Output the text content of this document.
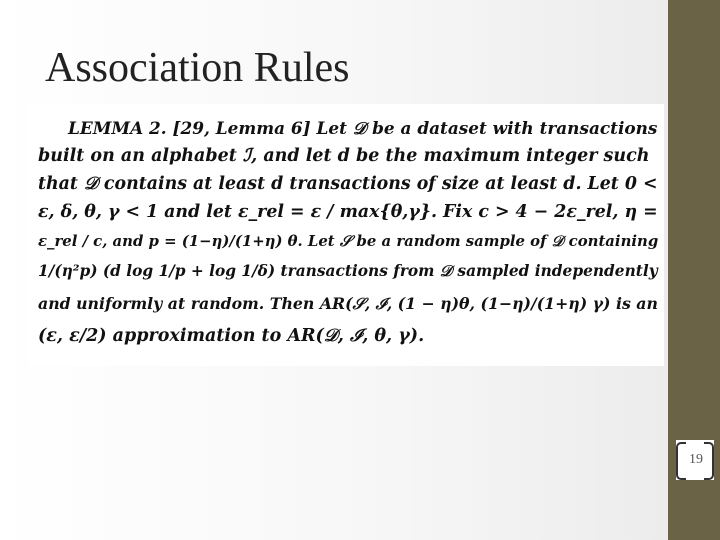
Association Rules

LEMMA 2. [29, Lemma 6] Let 𝒟 be a dataset with transactions

built on an alphabet ℐ, and let d be the maximum integer such

that 𝒟 contains at least d transactions of size at least d. Let 0 <

ε, δ, θ, γ < 1 and let ε_rel = ε / max{θ,γ}. Fix c > 4 − 2ε_rel, η =

ε_rel / c, and p = (1−η)/(1+η) θ. Let 𝒮 be a random sample of 𝒟 containing

1/(η²p) (d log 1/p + log 1/δ) transactions from 𝒟 sampled independently

and uniformly at random. Then AR(𝒮, ℐ, (1 − η)θ, (1−η)/(1+η) γ) is an

(ε, ε/2) approximation to AR(𝒟, ℐ, θ, γ).

19
